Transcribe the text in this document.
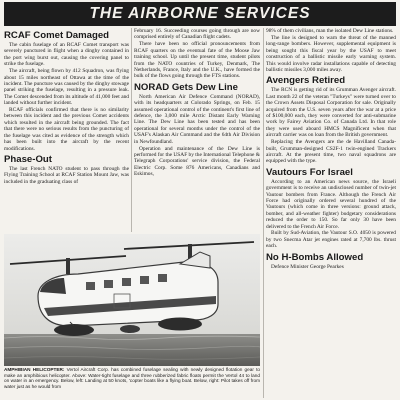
THE AIRBORNE SERVICES
RCAF Comet Damaged

The cabin fuselage of an RCAF Comet transport was severely punctured in flight when a dinghy contained in the port wing burst out, causing the covering panel to strike the fuselage.

The aircraft, being flown by 412 Squadron, was flying about 15 miles northeast of Ottawa at the time of the incident. The puncture was caused by the dinghy stowage panel striking the fuselage, resulting in a pressure leak. The Comet descended from its altitude of 41,000 feet and landed without further incident.

RCAF officials confirmed that there is no similarity between this incident and the previous Comet accidents which resulted in the aircraft being grounded. The fact that there were no serious results from the puncturing of the fuselage was cited as evidence of the strength which has been built into the aircraft by the recent modifications.

Phase-Out

The last French NATO student to pass through the Flying Training School at RCAF Station Mount Jaw, was included in the graduating class of

February 16. Succeeding courses going through are now comprised entirely of Canadian flight cadets.

There have been no official pronouncements from RCAF quarters on the eventual fate of the Moose Jaw training school. Up until the present time, student pilots from the NATO countries of Turkey, Denmark, The Netherlands, France, Italy and the U.K., have formed the bulk of the flows going through the FTS stations.

NORAD Gets Dew Line

North American Air Defence Command (NORAD), with its headquarters at Colorado Springs, on Feb. 15 assumed operational control of the continent's first line of defence, the 3,000 mile Arctic Distant Early Warning Line. The Dew Line has been tested and has been operational for several months under the control of the USAF's Alaskan Air Command and the 64th Air Division in Newfoundland.

Operation and maintenance of the Dew Line is performed for the USAF by the International Telephone & Telegraph Corporations' service division, the Federal Electric Corp. Some 876 Americans, Canadians and Eskimos,

98% of them civilians, man the isolated Dew Line stations.

The line is designed to warn the threat of the manned long-range bombers. However, supplemental equipment is being sought this fiscal year by the USAF to meet construction of a ballistic missile early warning system. This would involve radar installations capable of detecting ballistic missiles 3,000 miles away.

Avengers Retired

The RCN is getting rid of its Grumman Avenger aircraft. Last month 22 of the veteran "Turkeys" were turned over to the Crown Assets Disposal Corporation for sale. Originally acquired from the U.S. seven years after the war at a price of $100,000 each, they were converted for anti-submarine work by Fairey Aviation Co. of Canada Ltd. In that role they were used aboard HMCS Magnificent when that aircraft carrier was on loan from the British government.

Replacing the Avengers are the de Havilland Canada-built, Grumman-designed CS2F-1 twin-engined Trackers aircraft. At the present time, two naval squadrons are equipped with the type.

Vautours For Israel

According to an American news source, the Israeli government is to receive an undisclosed number of twin-jet Vautour bombers from France. Although the French Air Force had originally ordered several hundred of the Vautours (which come in three versions: ground attack, bomber, and all-weather fighter) budgetary considerations reduced the order to 150. So far only 30 have been delivered to the French Air Force.

Built by Sud-Aviation, the Vautour S.O. 4050 is powered by two Snecma Atar jet engines rated at 7,700 lbs. thrust each.

No H-Bombs Allowed

Defence Minister George Pearkes

AMPHIBIAN HELICOPTER: Vertol Aircraft Corp. has combined fuselage sealing with newly designed flotation gear to make an amphibious helicopter. Above: Water-tight fuselage and three rubberized fabric floats permit the Vertol 44 to land on water in an emergency. Below, left: Landing at 50 knots, 'copter boats like a flying boat. Below, right: Pilot takes off from water just as he would from
